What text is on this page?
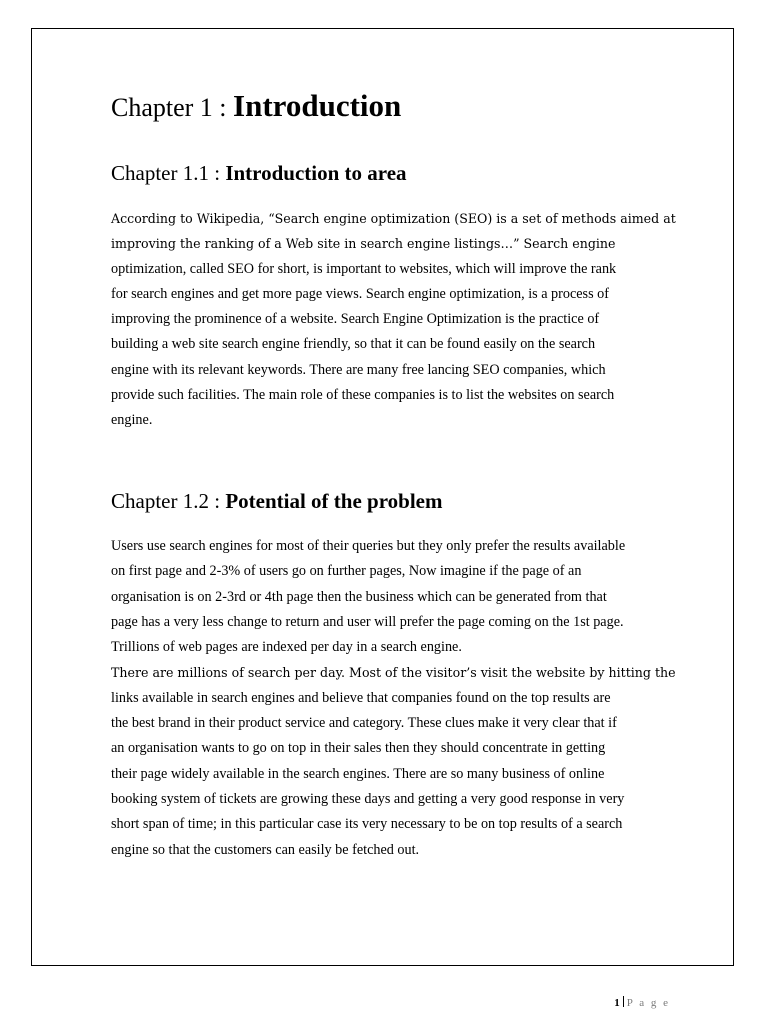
Chapter 1 : Introduction
Chapter 1.1 : Introduction to area

According to Wikipedia, “Search engine optimization (SEO) is a set of methods aimed at
improving the ranking of a Web site in search engine listings…” Search engine
optimization, called SEO for short, is important to websites, which will improve the rank
for search engines and get more page views. Search engine optimization, is a process of
improving the prominence of a website. Search Engine Optimization is the practice of
building a web site search engine friendly, so that it can be found easily on the search
engine with its relevant keywords. There are many free lancing SEO companies, which
provide such facilities. The main role of these companies is to list the websites on search
engine.

Chapter 1.2 : Potential of the problem

Users use search engines for most of their queries but they only prefer the results available
on first page and 2-3% of users go on further pages, Now imagine if the page of an
organisation is on 2-3rd or 4th page then the business which can be generated from that
page has a very less change to return and user will prefer the page coming on the 1st page.
Trillions of web pages are indexed per day in a search engine.
There are millions of search per day. Most of the visitor’s visit the website by hitting the
links available in search engines and believe that companies found on the top results are
the best brand in their product service and category. These clues make it very clear that if
an organisation wants to go on top in their sales then they should concentrate in getting
their page widely available in the search engines. There are so many business of online
booking system of tickets are growing these days and getting a very good response in very
short span of time; in this particular case its very necessary to be on top results of a search
engine so that the customers can easily be fetched out.

1 P a g e
